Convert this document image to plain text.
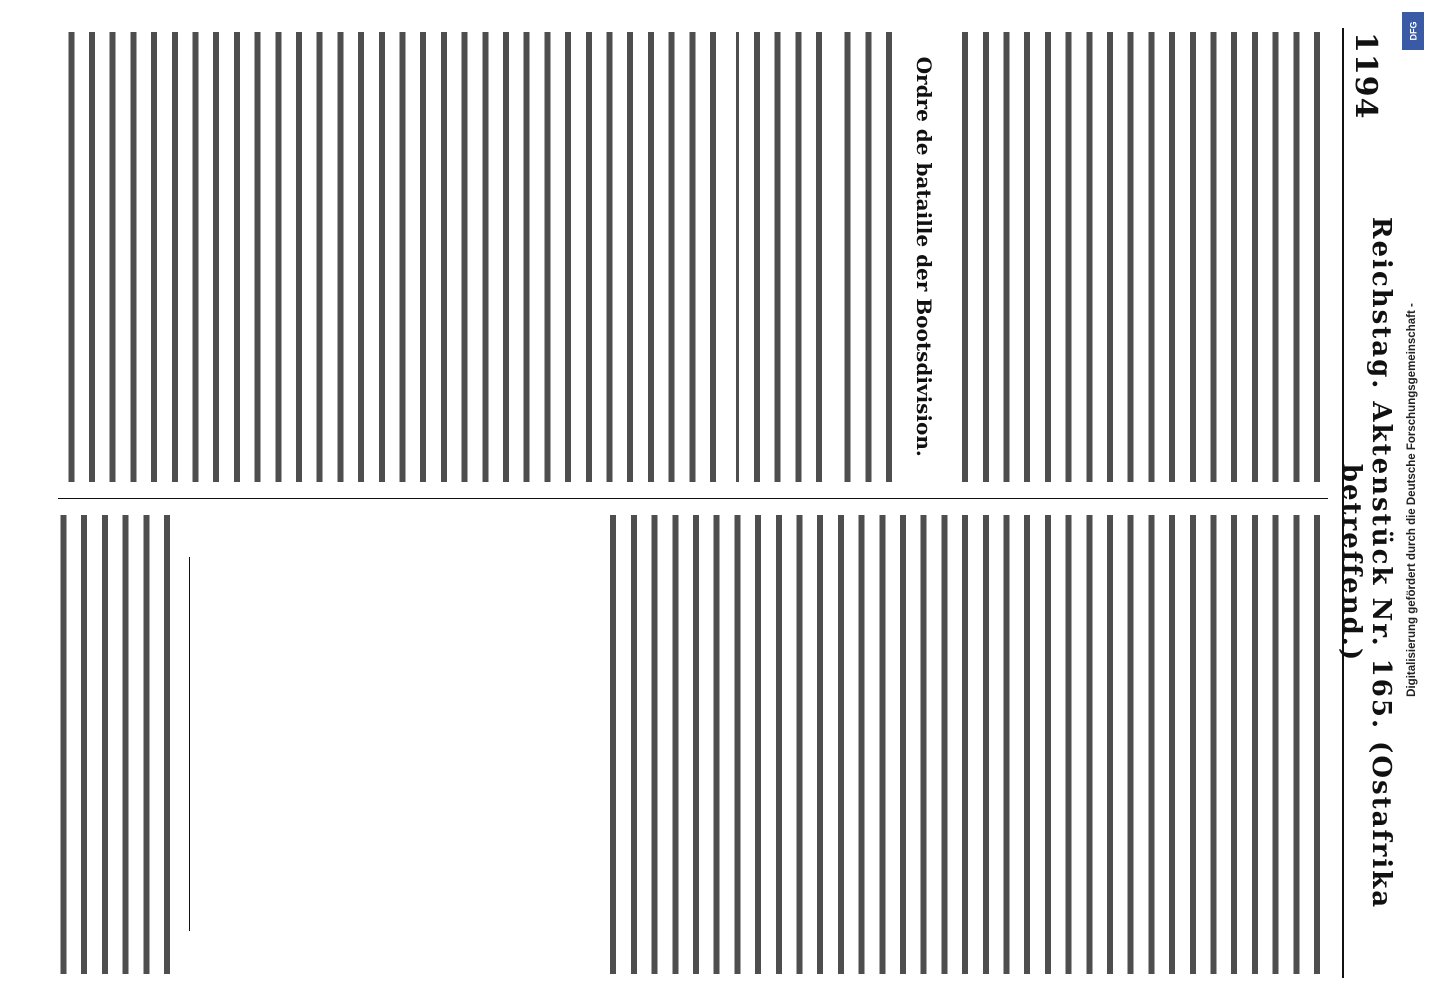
1194
Reichstag. Aktenstück Nr. 165. (Ostafrika betreffend.)
Ordre de bataille der Bootsdivision.
DFG
Digitalisierung gefördert durch die Deutsche Forschungsgemeinschaft -
